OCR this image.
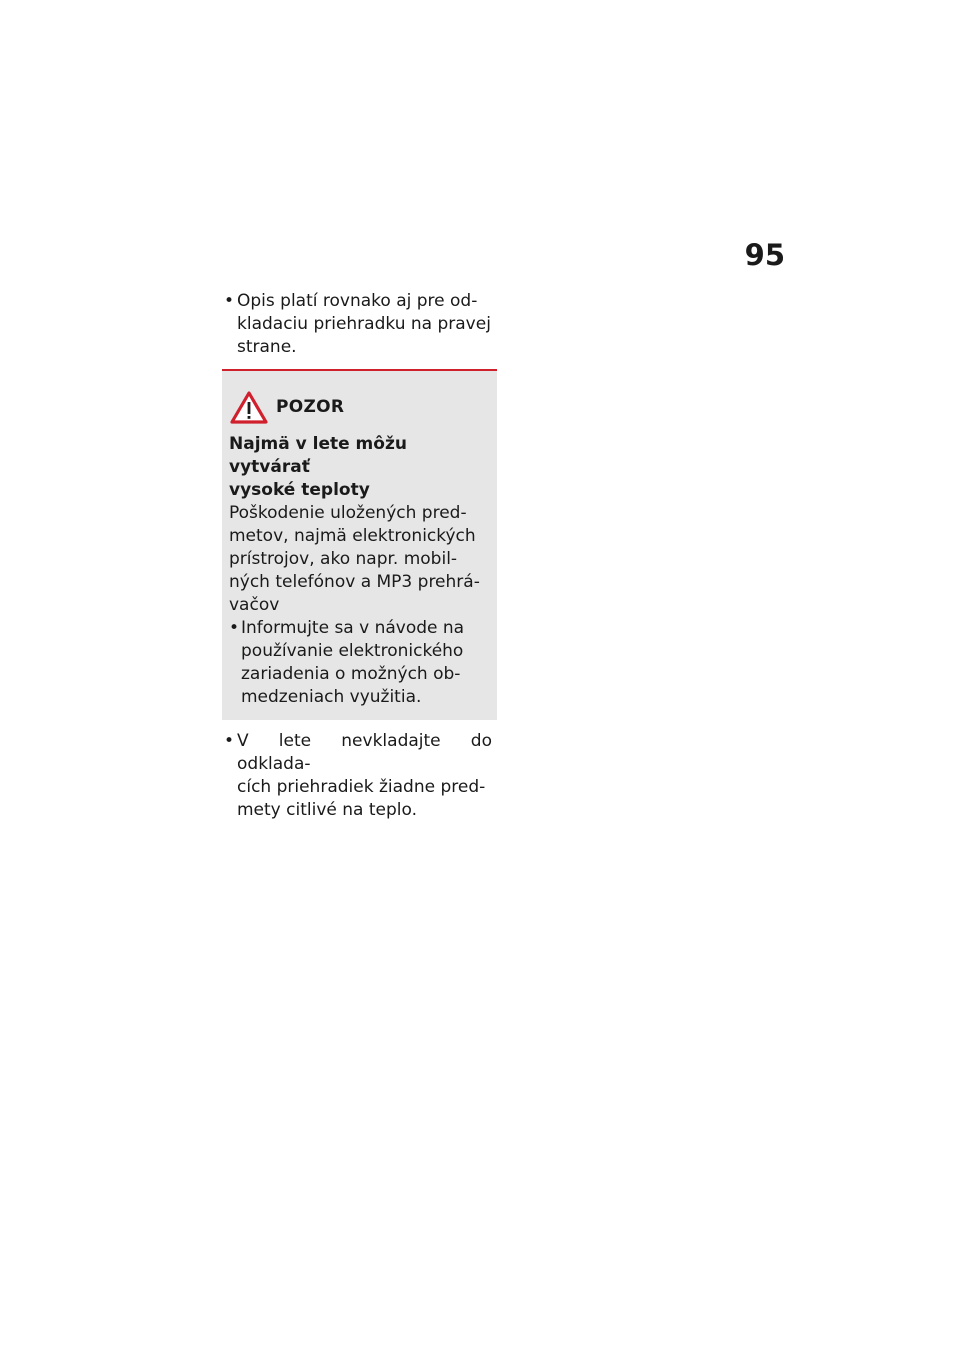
95
• Opis platí rovnako aj pre od-
kladaciu priehradku na pravej
strane.
POZOR
Najmä v lete môžu vytvárať
vysoké teploty
Poškodenie uložených pred-
metov, najmä elektronických
prístrojov, ako napr. mobil-
ných telefónov a MP3 prehrá-
vačov
• Informujte sa v návode na
používanie elektronického
zariadenia o možných ob-
medzeniach využitia.
• V lete nevkladajte do odklada-
cích priehradiek žiadne pred-
mety citlivé na teplo.
